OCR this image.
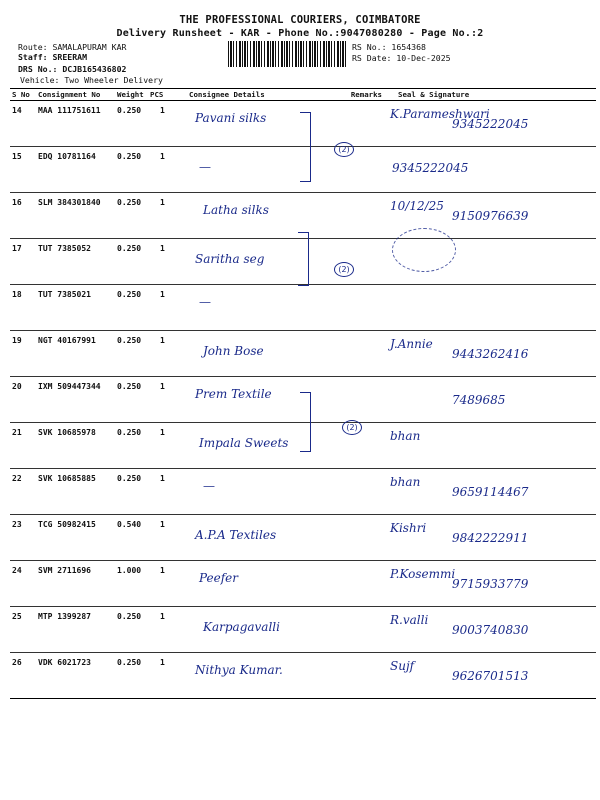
THE PROFESSIONAL COURIERS, COIMBATORE
Delivery Runsheet - KAR - Phone No.:9047080280 - Page No.:2
Route: SAMALAPURAM KAR
Staff: SREERAM
DRS No.: DCJB165436802
Vehicle: Two Wheeler Delivery
RS No.: 1654368
RS Date: 10-Dec-2025
S No	Consignment No	Weight	PCS	Consignee Details	Remarks	Seal & Signature
14	MAA 111751611	0.250	1	Pavani silks		K.Parameshwari
9345222045

15	EDQ 10781164	0.250	1	—		9345222045

16	SLM 384301840	0.250	1	Latha silks		10/12/25
9150976639

17	TUT 7385052	0.250	1	Saritha seg		

18	TUT 7385021	0.250	1	—		

19	NGT 40167991	0.250	1	John Bose		J.Annie
9443262416

20	IXM 509447344	0.250	1	Prem Textile		7489685

21	SVK 10685978	0.250	1	Impala Sweets		bhan

22	SVK 10685885	0.250	1	—		bhan
9659114467

23	TCG 50982415	0.540	1	A.P.A Textiles		Kishri
9842222911

24	SVM 2711696	1.000	1	Peefer		P.Kosemmi
9715933779

25	MTP 1399287	0.250	1	Karpagavalli		R.valli
9003740830

26	VDK 6021723	0.250	1	Nithya Kumar.		Sujf
9626701513
(2)
(2)
(2)
